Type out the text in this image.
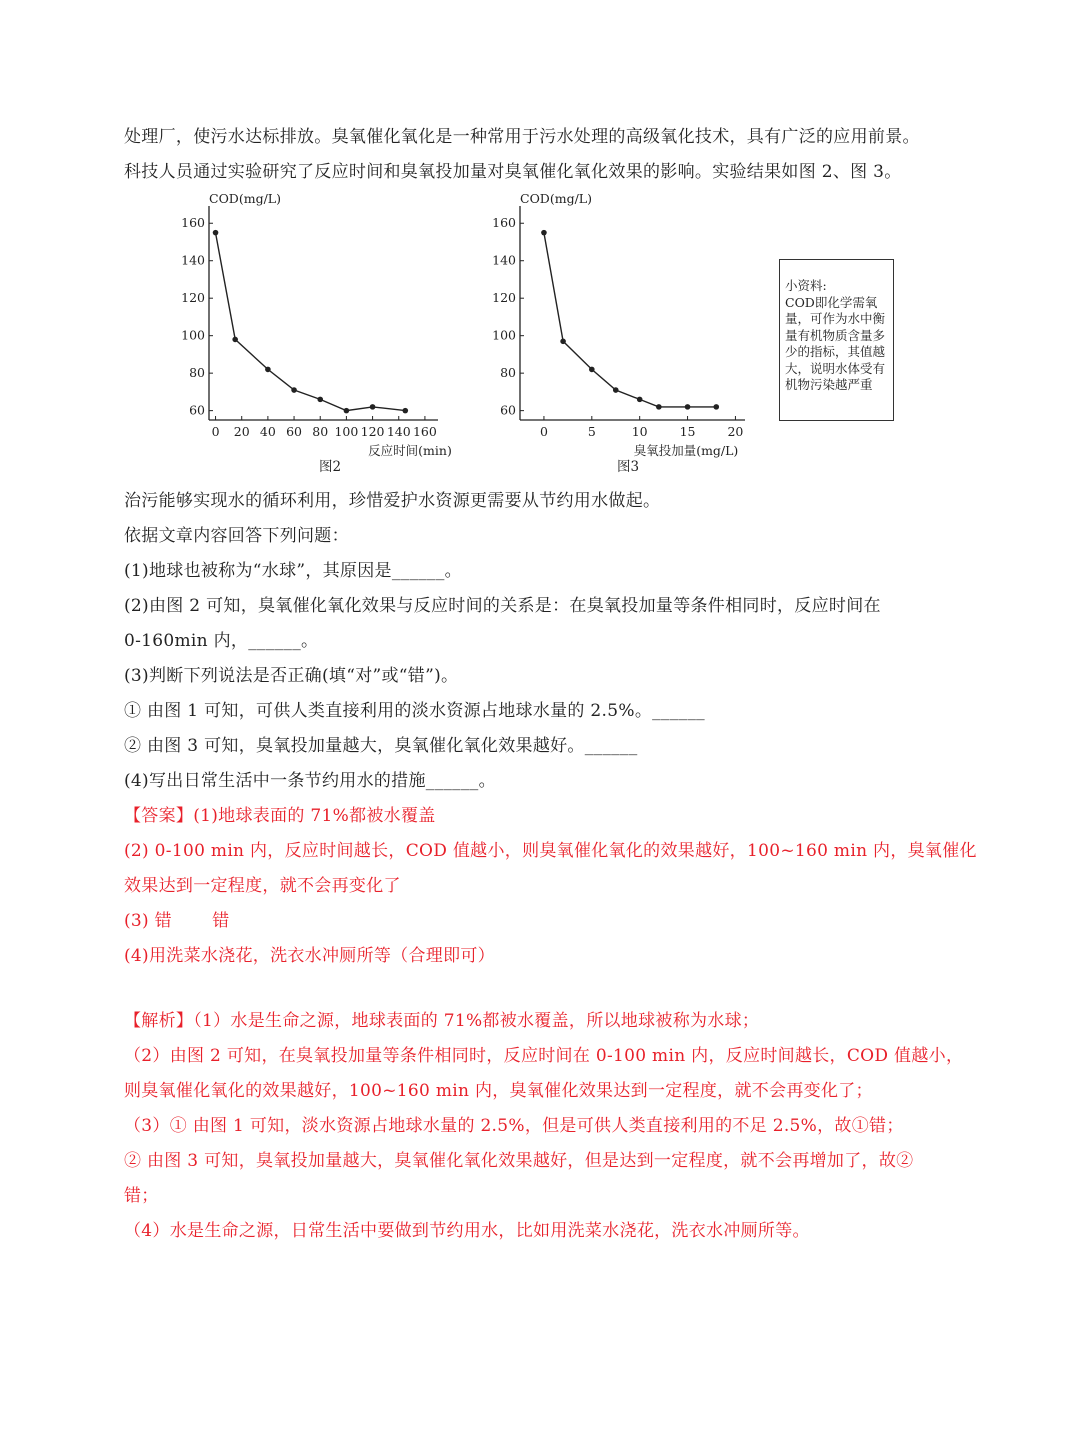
处理厂，使污水达标排放。臭氧催化氧化是一种常用于污水处理的高级氧化技术，具有广泛的应用前景。
科技人员通过实验研究了反应时间和臭氧投加量对臭氧催化氧化效果的影响。实验结果如图 2、图 3。
60
80
100
120
140
160
0 20 40 60 80 100 120 140 160
COD(mg/L)
反应时间(min)
图2
60
80
100
120
140
160
0	5	10	15	20
COD(mg/L)
臭氧投加量(mg/L)
图3
小资料:
COD即化学需氧量，可作为水中衡量有机物质含量多少的指标，其值越大，说明水体受有机物污染越严重
治污能够实现水的循环利用，珍惜爱护水资源更需要从节约用水做起。
依据文章内容回答下列问题：
(1)地球也被称为“水球”，其原因是______。
(2)由图 2 可知，臭氧催化氧化效果与反应时间的关系是：在臭氧投加量等条件相同时，反应时间在
0-160min 内，______。
(3)判断下列说法是否正确(填“对”或“错”)。
① 由图 1 可知，可供人类直接利用的淡水资源占地球水量的 2.5%。______
② 由图 3 可知，臭氧投加量越大，臭氧催化氧化效果越好。______
(4)写出日常生活中一条节约用水的措施______。
【答案】(1)地球表面的 71%都被水覆盖
(2) 0-100 min 内，反应时间越长，COD 值越小，则臭氧催化氧化的效果越好，100~160 min 内，臭氧催化
效果达到一定程度，就不会再变化了
(3) 错　　 错
(4)用洗菜水浇花，洗衣水冲厕所等（合理即可）
【解析】（1）水是生命之源，地球表面的 71%都被水覆盖，所以地球被称为水球；
（2）由图 2 可知，在臭氧投加量等条件相同时，反应时间在 0-100 min 内，反应时间越长，COD 值越小，
则臭氧催化氧化的效果越好，100~160 min 内，臭氧催化效果达到一定程度，就不会再变化了；
（3）① 由图 1 可知，淡水资源占地球水量的 2.5%，但是可供人类直接利用的不足 2.5%，故①错；
② 由图 3 可知，臭氧投加量越大，臭氧催化氧化效果越好，但是达到一定程度，就不会再增加了，故②
错；
（4）水是生命之源，日常生活中要做到节约用水，比如用洗菜水浇花，洗衣水冲厕所等。
